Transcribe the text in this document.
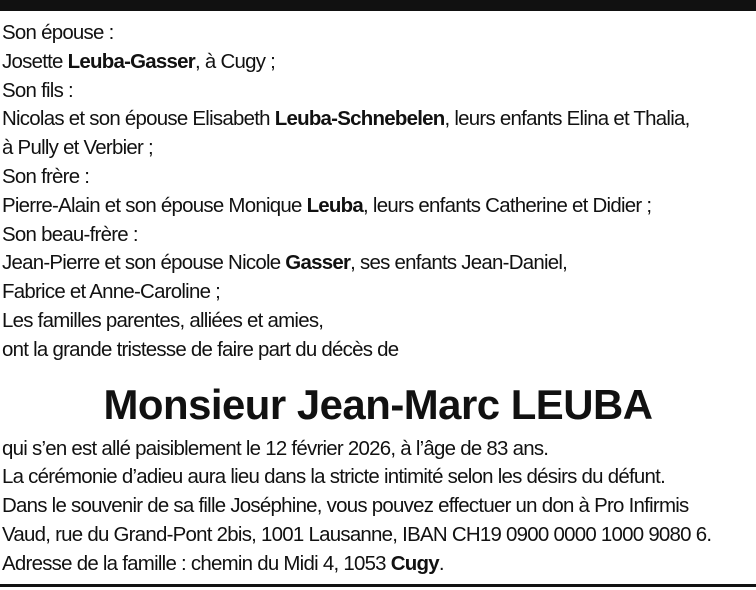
Son épouse :
Josette Leuba-Gasser, à Cugy ;
Son fils :
Nicolas et son épouse Elisabeth Leuba-Schnebelen, leurs enfants Elina et Thalia,
à Pully et Verbier ;
Son frère :
Pierre-Alain et son épouse Monique Leuba, leurs enfants Catherine et Didier ;
Son beau-frère :
Jean-Pierre et son épouse Nicole Gasser, ses enfants Jean-Daniel,
Fabrice et Anne-Caroline ;
Les familles parentes, alliées et amies,
ont la grande tristesse de faire part du décès de
Monsieur Jean-Marc LEUBA
qui s’en est allé paisiblement le 12 février 2026, à l’âge de 83 ans.
La cérémonie d’adieu aura lieu dans la stricte intimité selon les désirs du défunt.
Dans le souvenir de sa fille Joséphine, vous pouvez effectuer un don à Pro Infirmis
Vaud, rue du Grand-Pont 2bis, 1001 Lausanne, IBAN CH19 0900 0000 1000 9080 6.
Adresse de la famille : chemin du Midi 4, 1053 Cugy.
